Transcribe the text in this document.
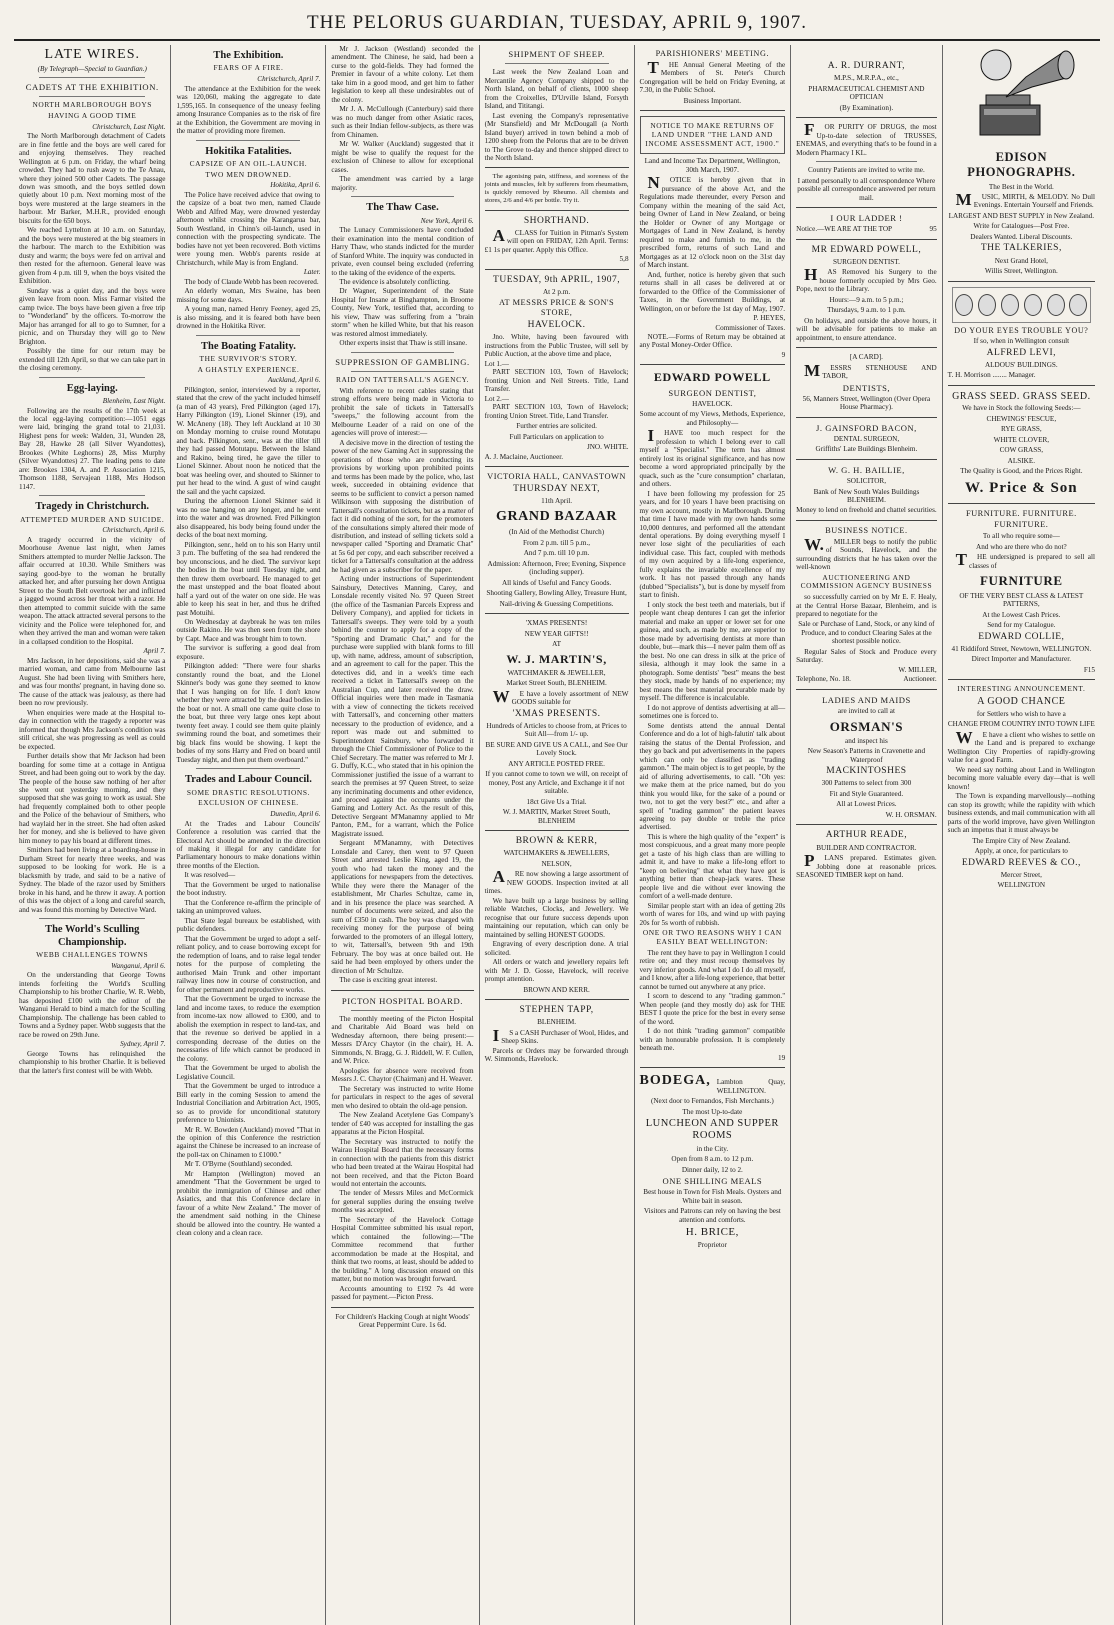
THE PELORUS GUARDIAN, TUESDAY, APRIL 9, 1907.
LATE WIRES.
(By Telegraph—Special to Guardian.)
CADETS AT THE EXHIBITION.
NORTH MARLBOROUGH BOYS
HAVING A GOOD TIME
Christchurch, Last Night.

The North Marlborough detachment of Cadets are in fine fettle and the boys are well cared for and enjoying themselves. They reached Wellington at 6 p.m. on Friday, the wharf being crowded. They had to rush away to the Te Anau, where they joined 500 other Cadets. The passage down was smooth, and the boys settled down quietly about 10 p.m. Next morning most of the boys were mustered at the large steamers in the harbour. Mr Barker, M.H.R., provided enough biscuits for the 650 boys.

We reached Lyttelton at 10 a.m. on Saturday, and the boys were mustered at the big steamers in the harbour. The march to the Exhibition was dusty and warm; the boys were fed on arrival and then rested for the afternoon. General leave was given from 4 p.m. till 9, when the boys visited the Exhibition.

Sunday was a quiet day, and the boys were given leave from noon. Miss Farmar visited the camp twice. The boys have been given a free trip to "Wonderland" by the officers. To-morrow the Major has arranged for all to go to Sumner, for a picnic, and on Thursday they will go to New Brighton.

Possibly the time for our return may be extended till 12th April, so that we can take part in the closing ceremony.

Egg-laying.
Blenheim, Last Night.

Following are the results of the 17th week at the local egg-laying competition:—1051 eggs were laid, bringing the grand total to 21,031. Highest pens for week: Walden, 31, Wunden 28, Bay 28, Hawke 28 (all Silver Wyandottes), Brookes (White Leghorns) 28, Miss Murphy (Silver Wyandottes) 27. The leading pens to date are: Brookes 1304, A. and P. Association 1215, Thomson 1188, Servajean 1188, Mrs Hodson 1147.

Tragedy in Christchurch.
ATTEMPTED MURDER AND SUICIDE.
Christchurch, April 6.

A tragedy occurred in the vicinity of Moorhouse Avenue last night, when James Smithers attempted to murder Nellie Jackson. The affair occurred at 10.30. While Smithers was saying good-bye to the woman he brutally attacked her, and after pursuing her down Antigua Street to the South Belt overtook her and inflicted a jagged wound across her throat with a razor. He then attempted to commit suicide with the same weapon. The attack attracted several persons to the vicinity and the Police were telephoned for, and when they arrived the man and woman were taken in a collapsed condition to the Hospital.

April 7.

Mrs Jackson, in her depositions, said she was a married woman, and came from Melbourne last August. She had been living with Smithers here, and was four months' pregnant, in having done so. The cause of the attack was jealousy, as there had been no row previously.

When enquiries were made at the Hospital to-day in connection with the tragedy a reporter was informed that though Mrs Jackson's condition was still critical, she was progressing as well as could be expected.

Further details show that Mr Jackson had been boarding for some time at a cottage in Antigua Street, and had been going out to work by the day. The people of the house saw nothing of her after she went out yesterday morning, and they supposed that she was going to work as usual. She had frequently complained both to other people and the Police of the behaviour of Smithers, who had waylaid her in the street. She had often asked her for money, and she is believed to have given him money to pay his board at different times.

Smithers had been living at a boarding-house in Durham Street for nearly three weeks, and was supposed to be looking for work. He is a blacksmith by trade, and said to be a native of Sydney. The blade of the razor used by Smithers broke in his hand, and he threw it away. A portion of this was the object of a long and careful search, and was found this morning by Detective Ward.

The World's Sculling Championship.
WEBB CHALLENGES TOWNS
Wanganui, April 6.

On the understanding that George Towns intends forfeiting the World's Sculling Championship to his brother Charlie, W. R. Webb, has deposited £100 with the editor of the Wanganui Herald to bind a match for the Sculling Championship. The challenge has been cabled to Towns and a Sydney paper. Webb suggests that the race be rowed on 29th June.

Sydney, April 7.

George Towns has relinquished the championship to his brother Charlie. It is believed that the latter's first contest will be with Webb.

The Exhibition.
FEARS OF A FIRE.
Christchurch, April 7.

The attendance at the Exhibition for the week was 120,060, making the aggregate to date 1,595,165. In consequence of the uneasy feeling among Insurance Companies as to the risk of fire at the Exhibition, the Government are moving in the matter of providing more firemen.

Hokitika Fatalities.
CAPSIZE OF AN OIL-LAUNCH.
TWO MEN DROWNED.
Hokitika, April 6.

The Police have received advice that owing to the capsize of a boat two men, named Claude Webb and Alfred May, were drowned yesterday afternoon whilst crossing the Karangarua bar, South Westland, in Chinn's oil-launch, used in connection with the prospecting syndicate. The bodies have not yet been recovered. Both victims were young men. Webb's parents reside at Christchurch, while May is from England.

Later.

The body of Claude Webb has been recovered.

An elderly woman, Mrs Swaine, has been missing for some days.

A young man, named Henry Feeney, aged 25, is also missing, and it is feared both have been drowned in the Hokitika River.

The Boating Fatality.
THE SURVIVOR'S STORY.
A GHASTLY EXPERIENCE.
Auckland, April 6.

Pilkington, senior, interviewed by a reporter, stated that the crew of the yacht included himself (a man of 43 years), Fred Pilkington (aged 17), Harry Pilkington (19), Lionel Skinner (19), and W. McAneny (18). They left Auckland at 10 30 on Monday morning to cruise round Motutapu and back. Pilkington, senr., was at the tiller till they had passed Motutapu. Between the Island and Rakino, being tired, he gave the tiller to Lionel Skinner. About noon he noticed that the boat was heeling over, and shouted to Skinner to put her head to the wind. A gust of wind caught the sail and the yacht capsized.

During the afternoon Lionel Skinner said it was no use hanging on any longer, and he went into the water and was drowned. Fred Pilkington also disappeared, his body being found under the decks of the boat next morning.

Pilkington, senr., held on to his son Harry until 3 p.m. The buffeting of the sea had rendered the boy unconscious, and he died. The survivor kept the bodies in the boat until Tuesday night, and then threw them overboard. He managed to get the mast unstepped and the boat floated about half a yard out of the water on one side. He was able to keep his seat in her, and thus he drifted past Motuihi.

On Wednesday at daybreak he was ten miles outside Rakino. He was then seen from the shore by Capt. Mace and was brought him to town.

The survivor is suffering a good deal from exposure.

Pilkington added: "There were four sharks constantly round the boat, and the Lionel Skinner's body was gone they seemed to know that I was hanging on for life. I don't know whether they were attracted by the dead bodies in the boat or not. A small one came quite close to the boat, but three very large ones kept about twenty feet away. I could see them quite plainly swimming round the boat, and sometimes their big black fins would be showing. I kept the bodies of my sons Harry and Fred on board until Tuesday night, and then put them overboard."

Trades and Labour Council.
SOME DRASTIC RESOLUTIONS.
EXCLUSION OF CHINESE.
Dunedin, April 6.

At the Trades and Labour Councils' Conference a resolution was carried that the Electoral Act should be amended in the direction of making it illegal for any candidate for Parliamentary honours to make donations within three months of the Election.

It was resolved—

That the Government be urged to nationalise the boot industry.

That the Conference re-affirm the principle of taking an unimproved values.

That State legal bureaux be established, with public defenders.

That the Government be urged to adopt a self-reliant policy, and to cease borrowing except for the redemption of loans, and to raise legal tender notes for the purpose of completing the authorised Main Trunk and other important railway lines now in course of construction, and for other permanent and reproductive works.

That the Government be urged to increase the land and income taxes, to reduce the exemption from income-tax now allowed to £300, and to abolish the exemption in respect to land-tax, and that the revenue so derived be applied in a corresponding decrease of the duties on the necessaries of life which cannot be produced in the colony.

That the Government be urged to abolish the Legislative Council.

That the Government be urged to introduce a Bill early in the coming Session to amend the Industrial Conciliation and Arbitration Act, 1905, so as to provide for unconditional statutory preference to Unionists.

Mr R. W. Bowden (Auckland) moved "That in the opinion of this Conference the restriction against the Chinese be increased to an increase of the poll-tax on Chinamen to £1000."

Mr T. O'Byrne (Southland) seconded.

Mr Hampton (Wellington) moved an amendment "That the Government be urged to prohibit the immigration of Chinese and other Asiatics, and that this Conference declare in favour of a white New Zealand." The mover of the amendment said nothing in the Chinese should be allowed into the country. He wanted a clean colony and a clean race.

Mr J. Jackson (Westland) seconded the amendment. The Chinese, he said, had been a curse to the gold-fields. They had formed the Premier in favour of a white colony. Let them take him in a good mood, and get him to father legislation to keep all these undesirables out of the colony.

Mr J. A. McCullough (Canterbury) said there was no much danger from other Asiatic races, such as their Indian fellow-subjects, as there was from Chinamen.

Mr W. Walker (Auckland) suggested that it might be wise to qualify the request for the exclusion of Chinese to allow for exceptional cases.

The amendment was carried by a large majority.

The Thaw Case.
New York, April 6.

The Lunacy Commissioners have concluded their examination into the mental condition of Harry Thaw, who stands indicted for the murder of Stanford White. The inquiry was conducted in private, even counsel being excluded (referring to the taking of the evidence of the experts.

The evidence is absolutely conflicting.

Dr Wagner, Superintendent of the State Hospital for Insane at Binghampton, in Broome County, New York, testified that, according to his view, Thaw was suffering from a "brain storm" when he killed White, but that his reason was restored almost immediately.

Other experts insist that Thaw is still insane.

SUPPRESSION OF GAMBLING.
RAID ON TATTERSALL'S AGENCY.

With reference to recent cables stating that strong efforts were being made in Victoria to prohibit the sale of tickets in Tattersall's "sweeps," the following account from the Melbourne Leader of a raid on one of the agencies will prove of interest:—

A decisive move in the direction of testing the power of the new Gaming Act in suppressing the operations of those who are conducting its provisions by working upon prohibited points and terms has been made by the police, who, last week, succeeded in obtaining evidence that seems to be sufficient to convict a person named Wilkinson with supposing the distribution of Tattersall's consultation tickets, but as a matter of fact it did nothing of the sort, for the promoters of the consultations simply altered their mode of distribution, and instead of selling tickets sold a newspaper called "Sporting and Dramatic Chat" at 5s 6d per copy, and each subscriber received a ticket for a Tattersall's consultation at the address he had given as a subscriber for the paper.

Acting under instructions of Superintendent Sainsbury, Detectives Manning, Carey, and Lonsdale recently visited No. 97 Queen Street (the office of the Tasmanian Parcels Express and Delivery Company), and applied for tickets in Tattersall's sweeps. They were told by a youth behind the counter to apply for a copy of the "Sporting and Dramatic Chat," and for the purchase were supplied with blank forms to fill up, with name, address, amount of subscription, and an agreement to call for the paper. This the detectives did, and in a week's time each received a ticket in Tattersall's sweep on the Australian Cup, and later received the draw. Official inquiries were then made in Tasmania with a view of connecting the tickets received with Tattersall's, and concerning other matters necessary to the production of evidence, and a report was made out and submitted to Superintendent Sainsbury, who forwarded it through the Chief Commissioner of Police to the Chief Secretary. The matter was referred to Mr J. G. Duffy, K.C., who stated that in his opinion the Commissioner justified the issue of a warrant to search the premises at 97 Queen Street, to seize any incriminating documents and other evidence, and proceed against the occupants under the Gaming and Lottery Act. As the result of this, Detective Sergeant M'Manamny applied to Mr Panton, P.M., for a warrant, which the Police Magistrate issued.

Sergeant M'Manamny, with Detectives Lonsdale and Carey, then went to 97 Queen Street and arrested Leslie King, aged 19, the youth who had taken the money and the applications for newspapers from the detectives. While they were there the Manager of the establishment, Mr Charles Schultze, came in, and in his presence the place was searched. A number of documents were seized, and also the sum of £350 in cash. The boy was charged with receiving money for the purpose of being forwarded to the promoters of an illegal lottery, to wit, Tattersall's, between 9th and 19th February. The boy was at once bailed out. He said he had been employed by others under the direction of Mr Schultze.

The case is exciting great interest.

PICTON HOSPITAL BOARD.

The monthly meeting of the Picton Hospital and Charitable Aid Board was held on Wednesday afternoon, there being present:—Messrs D'Arcy Chaytor (in the chair), H. A. Simmonds, N. Bragg, G. J. Riddell, W. F. Cullen, and W. Price.

Apologies for absence were received from Messrs J. C. Chaytor (Chairman) and H. Weaver.

The Secretary was instructed to write Home for particulars in respect to the ages of several men who desired to obtain the old-age pension.

The New Zealand Acetylene Gas Company's tender of £40 was accepted for installing the gas apparatus at the Picton Hospital.

The Secretary was instructed to notify the Wairau Hospital Board that the necessary forms in connection with the patients from this district who had been treated at the Wairau Hospital had not been received, and that the Picton Board would not entertain the accounts.

The tender of Messrs Miles and McCormick for general supplies during the ensuing twelve months was accepted.

The Secretary of the Havelock Cottage Hospital Committee submitted his usual report, which contained the following:—"The Committee recommend that further accommodation be made at the Hospital, and think that two rooms, at least, should be added to the building." A long discussion ensued on this matter, but no motion was brought forward.

Accounts amounting to £192 7s 4d were passed for payment.—Picton Press.

For Children's Hacking Cough at night Woods' Great Peppermint Cure. 1s 6d.
SHIPMENT OF SHEEP.

Last week the New Zealand Loan and Mercantile Agency Company shipped to the North Island, on behalf of clients, 1000 sheep from the Croixelles, D'Urville Island, Forsyth Island, and Tititangi.

Last evening the Company's representative (Mr Stansfield) and Mr McDougall (a North Island buyer) arrived in town behind a mob of 1200 sheep from the Pelorus that are to be driven to The Grove to-day and thence shipped direct to the North Island.

The agonising pain, stiffness, and soreness of the joints and muscles, felt by sufferers from rheumatism, is quickly removed by Rheumo. All chemists and stores, 2/6 and 4/6 per bottle. Try it.

SHORTHAND.

ACLASS for Tuition in Pitman's System will open on FRIDAY, 12th April. Terms: £1 1s per quarter. Apply this Office.

5,8
TUESDAY, 9th APRIL, 1907,
At 2 p.m.
AT MESSRS PRICE & SON'S STORE,
HAVELOCK.

Jno. White, having been favoured with instructions from the Public Trustee, will sell by Public Auction, at the above time and place,

Lot 1.—

PART SECTION 103, Town of Havelock; fronting Union and Neil Streets. Title, Land Transfer.

Lot 2.—

PART SECTION 103, Town of Havelock; fronting Union Street. Title, Land Transfer.

Further entries are solicited.
Full Particulars on application to
JNO. WHITE.
A. J. Maclaine, Auctioneer.
VICTORIA HALL, CANVASTOWN
THURSDAY NEXT,
11th April.
GRAND BAZAAR
(In Aid of the Methodist Church)
From 2 p.m. till 5 p.m.,
And 7 p.m. till 10 p.m.
Admission: Afternoon, Free; Evening, Sixpence (including supper).
All kinds of Useful and Fancy Goods.
Shooting Gallery, Bowling Alley, Treasure Hunt,
Nail-driving & Guessing Competitions.
'XMAS PRESENTS!
NEW YEAR GIFTS!!
AT
W. J. MARTIN'S,
WATCHMAKER & JEWELLER,
Market Street South, BLENHEIM.

WE have a lovely assortment of NEW GOODS suitable for

'XMAS PRESENTS.
Hundreds of Articles to choose from, at Prices to Suit All—from 1/- up.
BE SURE AND GIVE US A CALL, and See Our Lovely Stock.
ANY ARTICLE POSTED FREE.
If you cannot come to town we will, on receipt of money, Post any Article, and Exchange it if not suitable.
18ct Give Us a Trial.
W. J. MARTIN, Market Street South, BLENHEIM
BROWN & KERR,
WATCHMAKERS & JEWELLERS,
NELSON,

ARE now showing a large assortment of NEW GOODS. Inspection invited at all times.

We have built up a large business by selling reliable Watches, Clocks, and Jewellery. We recognise that our future success depends upon maintaining our reputation, which can only be maintained by selling HONEST GOODS.

Engraving of every description done. A trial solicited.

All orders or watch and jewellery repairs left with Mr J. D. Gosse, Havelock, will receive prompt attention.

BROWN AND KERR.
STEPHEN TAPP,
BLENHEIM.

IS a CASH Purchaser of Wool, Hides, and Sheep Skins.

Parcels or Orders may be forwarded through W. Simmonds, Havelock.

PARISHIONERS' MEETING.

THE Annual General Meeting of the Members of St. Peter's Church Congregation will be held on Friday Evening, at 7.30, in the Public School.

Business Important.
NOTICE TO MAKE RETURNS OF LAND UNDER "THE LAND AND INCOME ASSESSMENT ACT, 1900."
Land and Income Tax Department, Wellington, 30th March, 1907.

NOTICE is hereby given that in pursuance of the above Act, and the Regulations made thereunder, every Person and Company within the meaning of the said Act, being Owner of Land in New Zealand, or being the Holder or Owner of any Mortgage or Mortgages of Land in New Zealand, is hereby required to make and furnish to me, in the prescribed form, returns of such Land and Mortgages as at 12 o'clock noon on the 31st day of March instant.

And, further, notice is hereby given that such returns shall in all cases be delivered at or forwarded to the Office of the Commissioner of Taxes, in the Government Buildings, at Wellington, on or before the 1st day of May, 1907.

P. HEYES,
Commissioner of Taxes.

NOTE.—Forms of Return may be obtained at any Postal Money-Order Office.

9
EDWARD POWELL
SURGEON DENTIST,
HAVELOCK.
Some account of my Views, Methods, Experience, and Philosophy—

IHAVE too much respect for the profession to which I belong ever to call myself a "Specialist." The term has almost entirely lost its original significance, and has now become a word appropriated principally by the quack, such as the "cure consumption" charlatan, and others.

I have been following my profession for 25 years, and for 10 years I have been practising on my own account, mostly in Marlborough. During that time I have made with my own hands some 10,000 dentures, and performed all the attendant dental operations. By doing everything myself I never lose sight of the peculiarities of each individual case. This fact, coupled with methods of my own acquired by a life-long experience, fully explains the invariable excellence of my work. It has not passed through any hands (dubbed "Specialists"), but is done by myself from start to finish.

I only stock the best teeth and materials, but if people want cheap dentures I can get the inferior material and make an upper or lower set for one guinea, and such, as made by me, are superior to those made by advertising dentists at more than double, but—mark this—I never palm them off as the best. No one can dress in silk at the price of silesia, although it may look the same in a photograph. Some dentists' "best" means the best they stock, made by hands of no experience; my best means the best material procurable made by myself. The difference is incalculable.

I do not approve of dentists advertising at all—sometimes one is forced to.

Some dentists attend the annual Dental Conference and do a lot of high-falutin' talk about raising the status of the Dental Profession, and they go back and put advertisements in the papers which can only be classified as "trading gammon." The main object is to get people, by the aid of alluring advertisements, to call. "Oh yes: we make them at the price named, but do you think you would like, for the sake of a pound or two, not to get the very best?" etc., and after a spell of "trading gammon" the patient leaves agreeing to pay double or treble the price advertised.

This is where the high quality of the "expert" is most conspicuous, and a great many more people get a taste of his high class than are willing to admit it, and have to make a life-long effort to "keep on believing" that what they have got is anything better than cheap-jack wares. These people live and die without ever knowing the comfort of a well-made denture.

Similar people start with an idea of getting 20s worth of wares for 10s, and wind up with paying 20s for 5s worth of rubbish.

ONE OR TWO REASONS WHY I CAN EASILY BEAT WELLINGTON:

The rent they have to pay in Wellington I could retire on; and they must recoup themselves by very inferior goods. And what I do I do all myself, and I know, after a life-long experience, that better cannot be turned out anywhere at any price.

I scorn to descend to any "trading gammon." When people (and they mostly do) ask for THE BEST I quote the price for the best in every sense of the word.

I do not think "trading gammon" compatible with an honourable profession. It is completely beneath me.

19
BODEGA, Lambton Quay, WELLINGTON.
(Next door to Fernandos, Fish Merchants.)
The most Up-to-date
LUNCHEON AND SUPPER ROOMS
in the City.
Open from 8 a.m. to 12 p.m.
Dinner daily, 12 to 2.
ONE SHILLING MEALS
Best house in Town for Fish Meals. Oysters and White bait in season.
Visitors and Patrons can rely on having the best attention and comforts.
H. BRICE,
Proprietor
A. R. DURRANT,
M.P.S., M.R.P.A., etc.,
PHARMACEUTICAL CHEMIST AND OPTICIAN
(By Examination).

FOR PURITY OF DRUGS, the most Up-to-date selection of TRUSSES, ENEMAS, and everything that's to be found in a Modern Pharmacy I KL.

Country Patients are invited to write me.
I attend personally to all correspondence Where possible all correspondence answered per return mail.
I OUR LADDER !
Notice.—WE ARE AT THE TOP	95
MR EDWARD POWELL,
SURGEON DENTIST.

HAS Removed his Surgery to the house formerly occupied by Mrs Geo. Pope, next to the Library.

Hours:—9 a.m. to 5 p.m.;
Thursdays, 9 a.m. to 1 p.m.

On holidays, and outside the above hours, it will be advisable for patients to make an appointment, to ensure attendance.

[A CARD].

MESSRS STENHOUSE AND TABOR,

DENTISTS,
56, Manners Street, Wellington (Over Opera House Pharmacy).
J. GAINSFORD BACON,
DENTAL SURGEON,
Griffiths' Late Buildings Blenheim.
W. G. H. BAILLIE,
SOLICITOR,
Bank of New South Wales Buildings BLENHEIM.
Money to lend on freehold and chattel securities.
BUSINESS NOTICE.

W.MILLER begs to notify the public of Sounds, Havelock, and the surrounding districts that he has taken over the well-known

AUCTIONEERING AND COMMISSION AGENCY BUSINESS

so successfully carried on by Mr E. F. Healy, at the Central Horse Bazaar, Blenheim, and is prepared to negotiate for the

Sale or Purchase of Land, Stock, or any kind of Produce, and to conduct Clearing Sales at the shortest possible notice.

Regular Sales of Stock and Produce every Saturday.

W. MILLER,
Telephone, No. 18.	Auctioneer.
LADIES AND MAIDS
are invited to call at
ORSMAN'S
and inspect his
New Season's Patterns in Cravenette and Waterproof
MACKINTOSHES
300 Patterns to select from 300
Fit and Style Guaranteed.
All at Lowest Prices.
W. H. ORSMAN.
ARTHUR READE,
BUILDER AND CONTRACTOR.

PLANS prepared. Estimates given. Jobbing done at reasonable prices. SEASONED TIMBER kept on hand.

EDISON PHONOGRAPHS.
The Best in the World.

MUSIC, MIRTH, & MELODY. No Dull Evenings. Entertain Yourself and Friends.

LARGEST AND BEST SUPPLY in New Zealand.
Write for Catalogues—Post Free.
Dealers Wanted. Liberal Discounts.
THE TALKERIES,
Next Grand Hotel,
Willis Street, Wellington.
DO YOUR EYES TROUBLE YOU?
If so, when in Wellington consult
ALFRED LEVI,
ALDOUS' BUILDINGS.
T. H. Morrison ........ Manager.
GRASS SEED. GRASS SEED.
We have in Stock the following Seeds:—
CHEWINGS' FESCUE,
RYE GRASS,
WHITE CLOVER,
COW GRASS,
ALSIKE.
The Quality is Good, and the Prices Right.
W. Price & Son
FURNITURE. FURNITURE.
FURNITURE.
To all who require some—
And who are there who do not?

THE undersigned is prepared to sell all classes of

FURNITURE
OF THE VERY BEST CLASS & LATEST PATTERNS,
At the Lowest Cash Prices.
Send for my Catalogue.
EDWARD COLLIE,
41 Riddiford Street, Newtown, WELLINGTON.
Direct Importer and Manufacturer.
F15
INTERESTING ANNOUNCEMENT.
A GOOD CHANCE
for Settlers who wish to have a
CHANGE FROM COUNTRY INTO TOWN LIFE

WE have a client who wishes to settle on the Land and is prepared to exchange Wellington City Properties of rapidly-growing value for a good Farm.

We need say nothing about Land in Wellington becoming more valuable every day—that is well known!

The Town is expanding marvellously—nothing can stop its growth; while the rapidity with which business extends, and mail communication with all parts of the world improve, have given Wellington such an impetus that it must always be

The Empire City of New Zealand.
Apply, at once, for particulars to
EDWARD REEVES & CO.,
Mercer Street,
WELLINGTON
